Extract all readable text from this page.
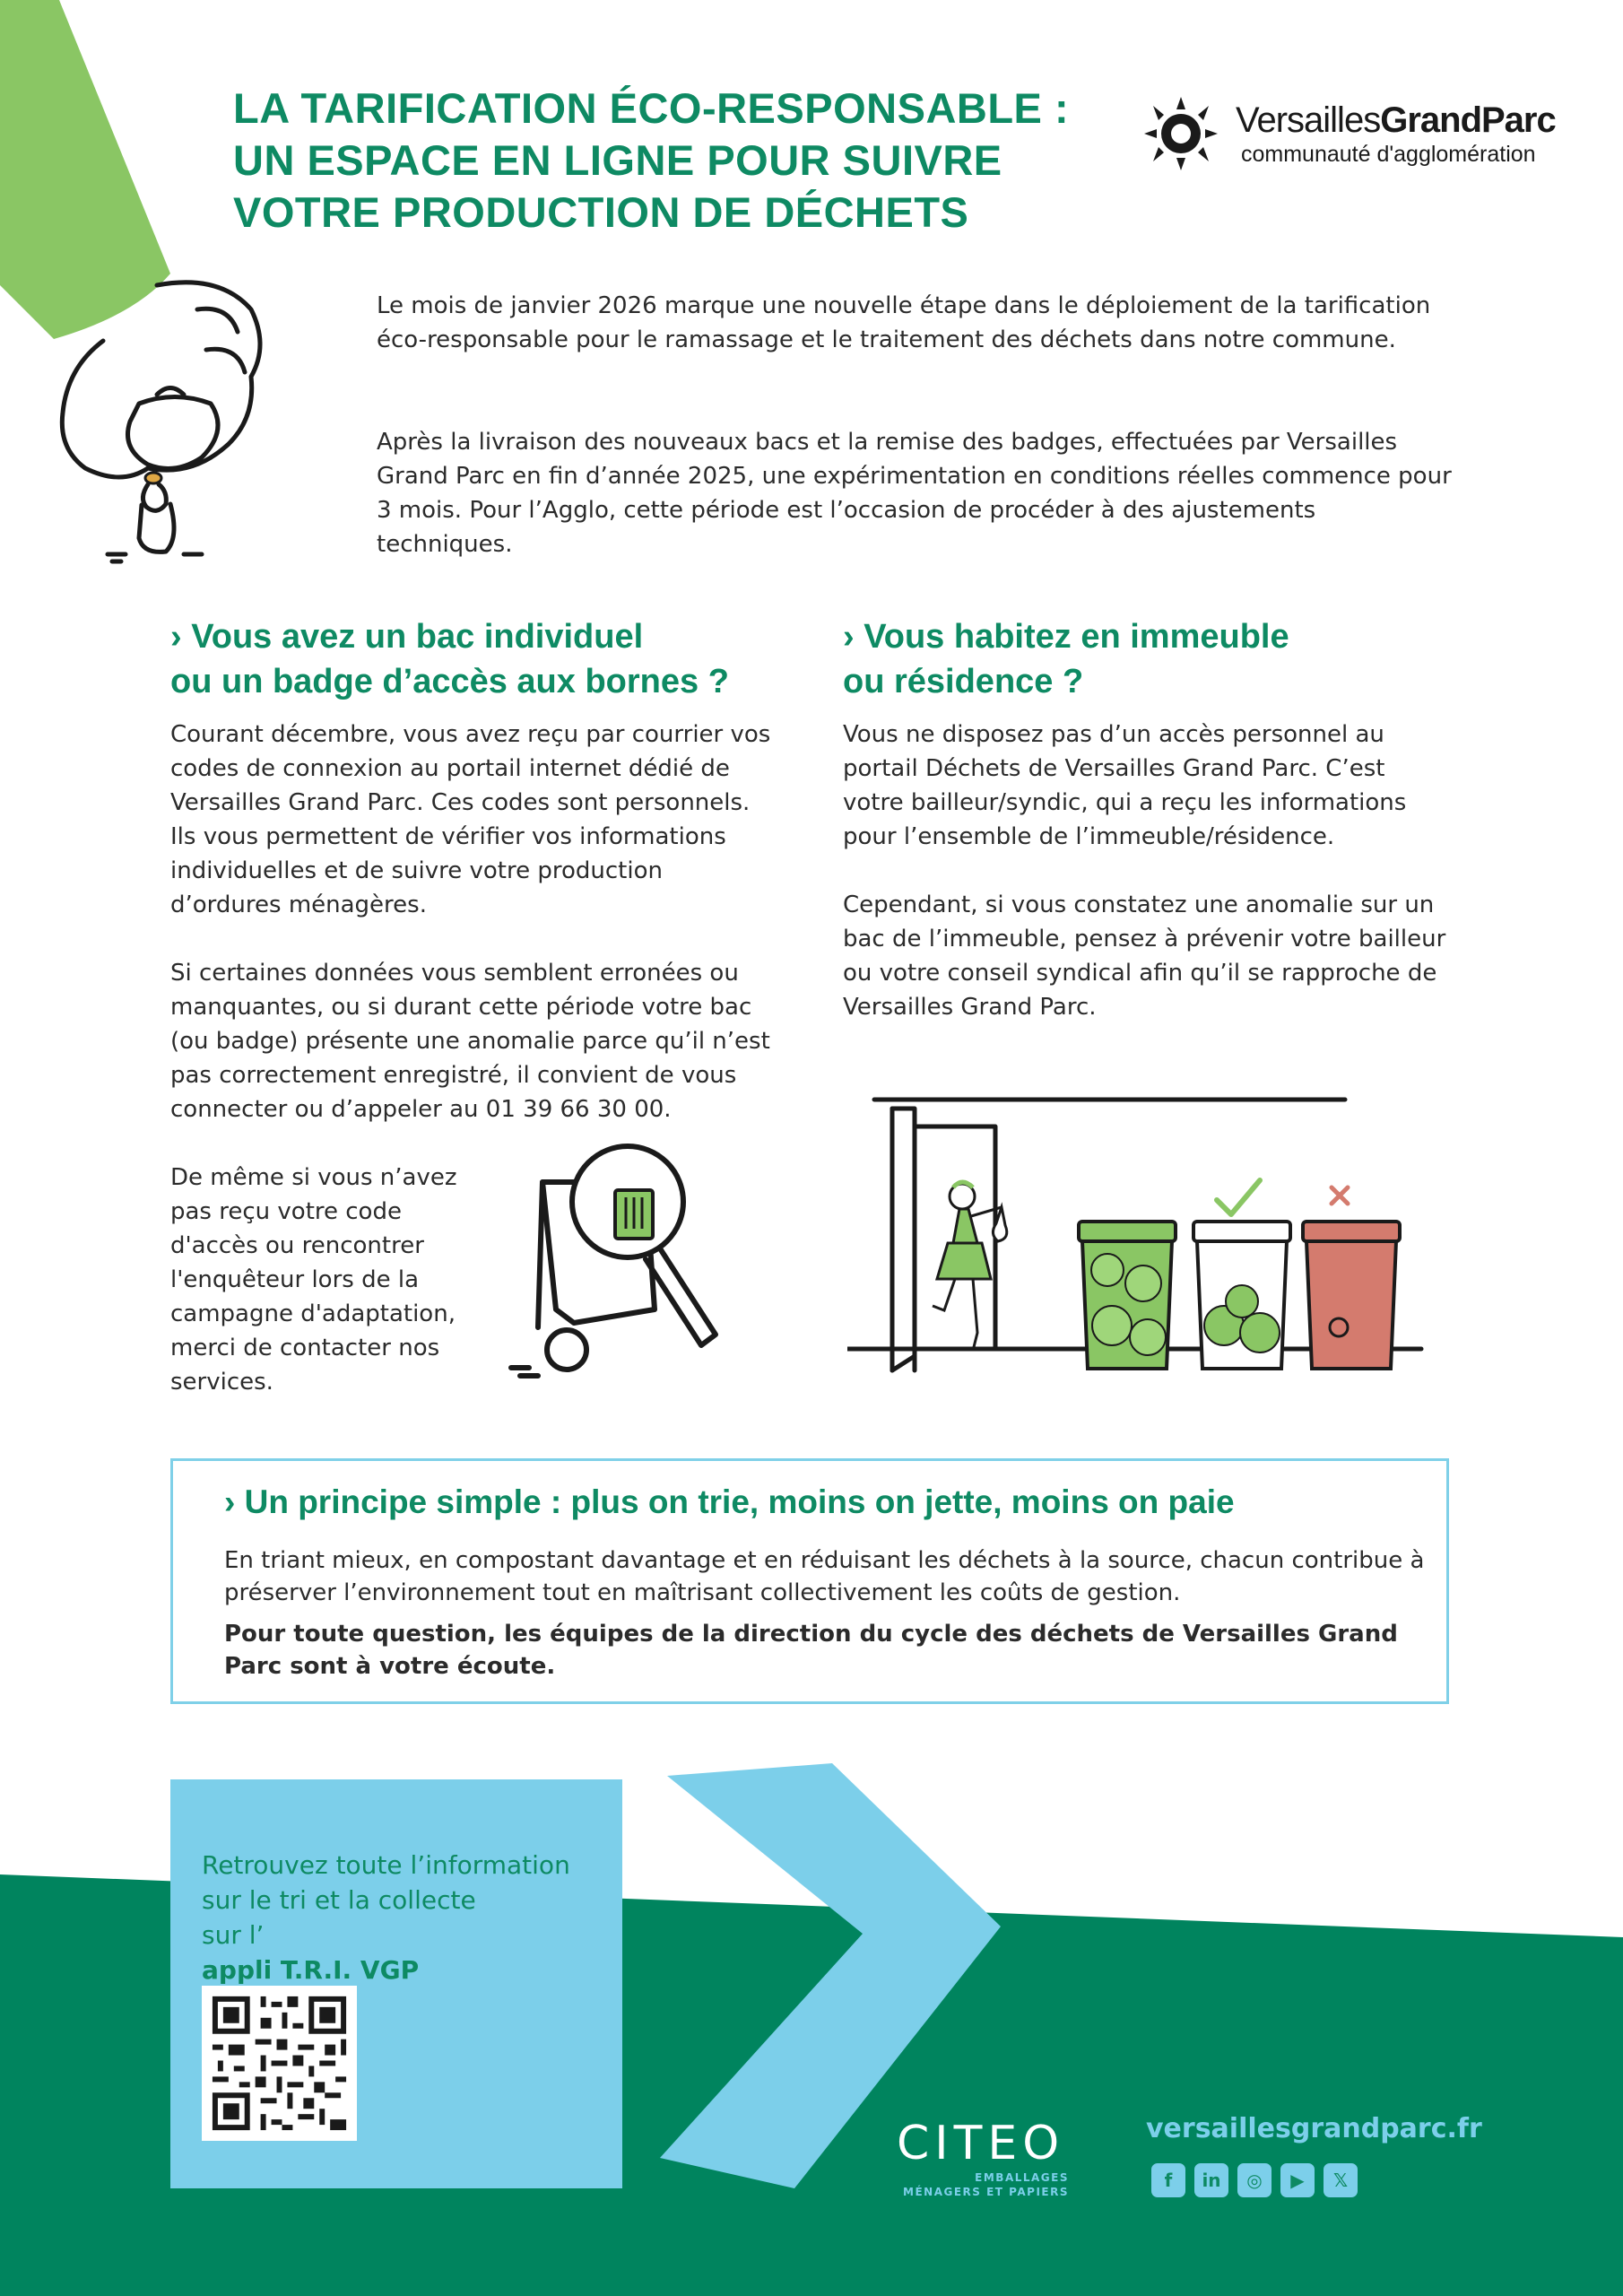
LA TARIFICATION ÉCO-RESPONSABLE :
UN ESPACE EN LIGNE POUR SUIVRE
VOTRE PRODUCTION DE DÉCHETS
VersaillesGrandParc
communauté d'agglomération

Le mois de janvier 2026 marque une nouvelle étape dans le déploiement de la tarification éco-responsable pour le ramassage et le traitement des déchets dans notre commune.

Après la livraison des nouveaux bacs et la remise des badges, effectuées par Versailles Grand Parc en fin d’année 2025, une expérimentation en conditions réelles commence pour 3 mois. Pour l’Agglo, cette période est l’occasion de procéder à des ajustements techniques.

› Vous avez un bac individuel
ou un badge d’accès aux bornes ?

Courant décembre, vous avez reçu par courrier vos codes de connexion au portail internet dédié de Versailles Grand Parc. Ces codes sont personnels. Ils vous permettent de vérifier vos informations individuelles et de suivre votre production d’ordures ménagères.

Si certaines données vous semblent erronées ou manquantes, ou si durant cette période votre bac (ou badge) présente une anomalie parce qu’il n’est pas correctement enregistré, il convient de vous connecter ou d’appeler au 01 39 66 30 00.

De même si vous n’avez pas reçu votre code d'accès ou rencontrer l'enquêteur lors de la campagne d'adaptation, merci de contacter nos services.

› Vous habitez en immeuble
ou résidence ?

Vous ne disposez pas d’un accès personnel au portail Déchets de Versailles Grand Parc. C’est votre bailleur/syndic, qui a reçu les informations pour l’ensemble de l’immeuble/résidence.

Cependant, si vous constatez une anomalie sur un bac de l’immeuble, pensez à prévenir votre bailleur ou votre conseil syndical afin qu’il se rapproche de Versailles Grand Parc.

› Un principe simple : plus on trie, moins on jette, moins on paie

En triant mieux, en compostant davantage et en réduisant les déchets à la source, chacun contribue à préserver l’environnement tout en maîtrisant collectivement les coûts de gestion.

Pour toute question, les équipes de la direction du cycle des déchets de Versailles Grand Parc sont à votre écoute.

Retrouvez toute l’information
sur le tri et la collecte
sur l’
appli T.R.I. VGP
CITEO
EMBALLAGES
MÉNAGERS ET PAPIERS
versaillesgrandparc.fr
f	in	◎	▶	𝕏
